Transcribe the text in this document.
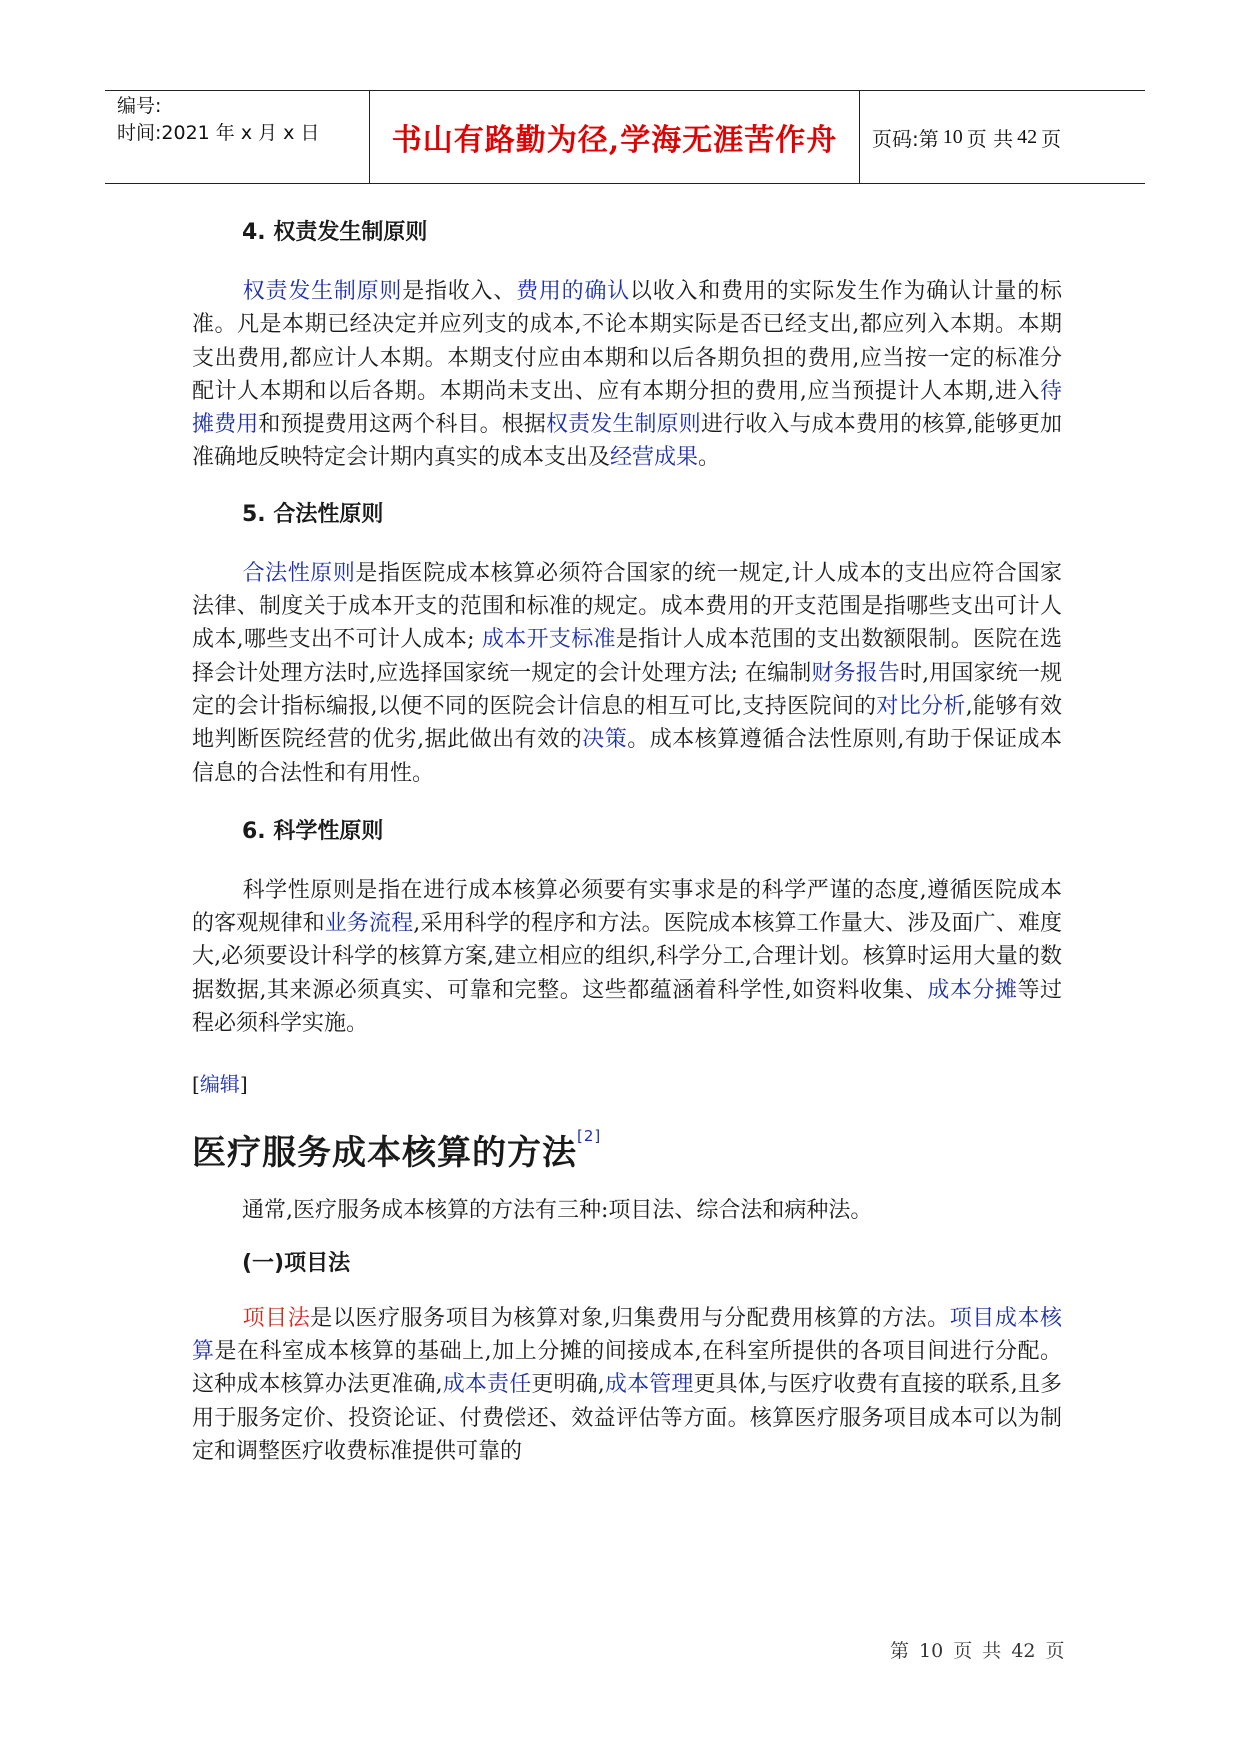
编号:
时间:2021 年 x 月 x 日	书山有路勤为径,学海无涯苦作舟	页码:第 10 页 共 42 页
4. 权责发生制原则

权责发生制原则是指收入、费用的确认以收入和费用的实际发生作为确认计量的标准。凡是本期已经决定并应列支的成本,不论本期实际是否已经支出,都应列入本期。本期支出费用,都应计人本期。本期支付应由本期和以后各期负担的费用,应当按一定的标准分配计人本期和以后各期。本期尚未支出、应有本期分担的费用,应当预提计人本期,进入待摊费用和预提费用这两个科目。根据权责发生制原则进行收入与成本费用的核算,能够更加准确地反映特定会计期内真实的成本支出及经营成果。

5. 合法性原则

合法性原则是指医院成本核算必须符合国家的统一规定,计人成本的支出应符合国家法律、制度关于成本开支的范围和标准的规定。成本费用的开支范围是指哪些支出可计人成本,哪些支出不可计人成本; 成本开支标准是指计人成本范围的支出数额限制。医院在选择会计处理方法时,应选择国家统一规定的会计处理方法; 在编制财务报告时,用国家统一规定的会计指标编报,以便不同的医院会计信息的相互可比,支持医院间的对比分析,能够有效地判断医院经营的优劣,据此做出有效的决策。成本核算遵循合法性原则,有助于保证成本信息的合法性和有用性。

6. 科学性原则

科学性原则是指在进行成本核算必须要有实事求是的科学严谨的态度,遵循医院成本的客观规律和业务流程,采用科学的程序和方法。医院成本核算工作量大、涉及面广、难度大,必须要设计科学的核算方案,建立相应的组织,科学分工,合理计划。核算时运用大量的数据数据,其来源必须真实、可靠和完整。这些都蕴涵着科学性,如资料收集、成本分摊等过程必须科学实施。

[编辑]
医疗服务成本核算的方法[2]

通常,医疗服务成本核算的方法有三种:项目法、综合法和病种法。

(一)项目法

项目法是以医疗服务项目为核算对象,归集费用与分配费用核算的方法。项目成本核算是在科室成本核算的基础上,加上分摊的间接成本,在科室所提供的各项目间进行分配。这种成本核算办法更准确,成本责任更明确,成本管理更具体,与医疗收费有直接的联系,且多用于服务定价、投资论证、付费偿还、效益评估等方面。核算医疗服务项目成本可以为制定和调整医疗收费标准提供可靠的

第 10 页 共 42 页
